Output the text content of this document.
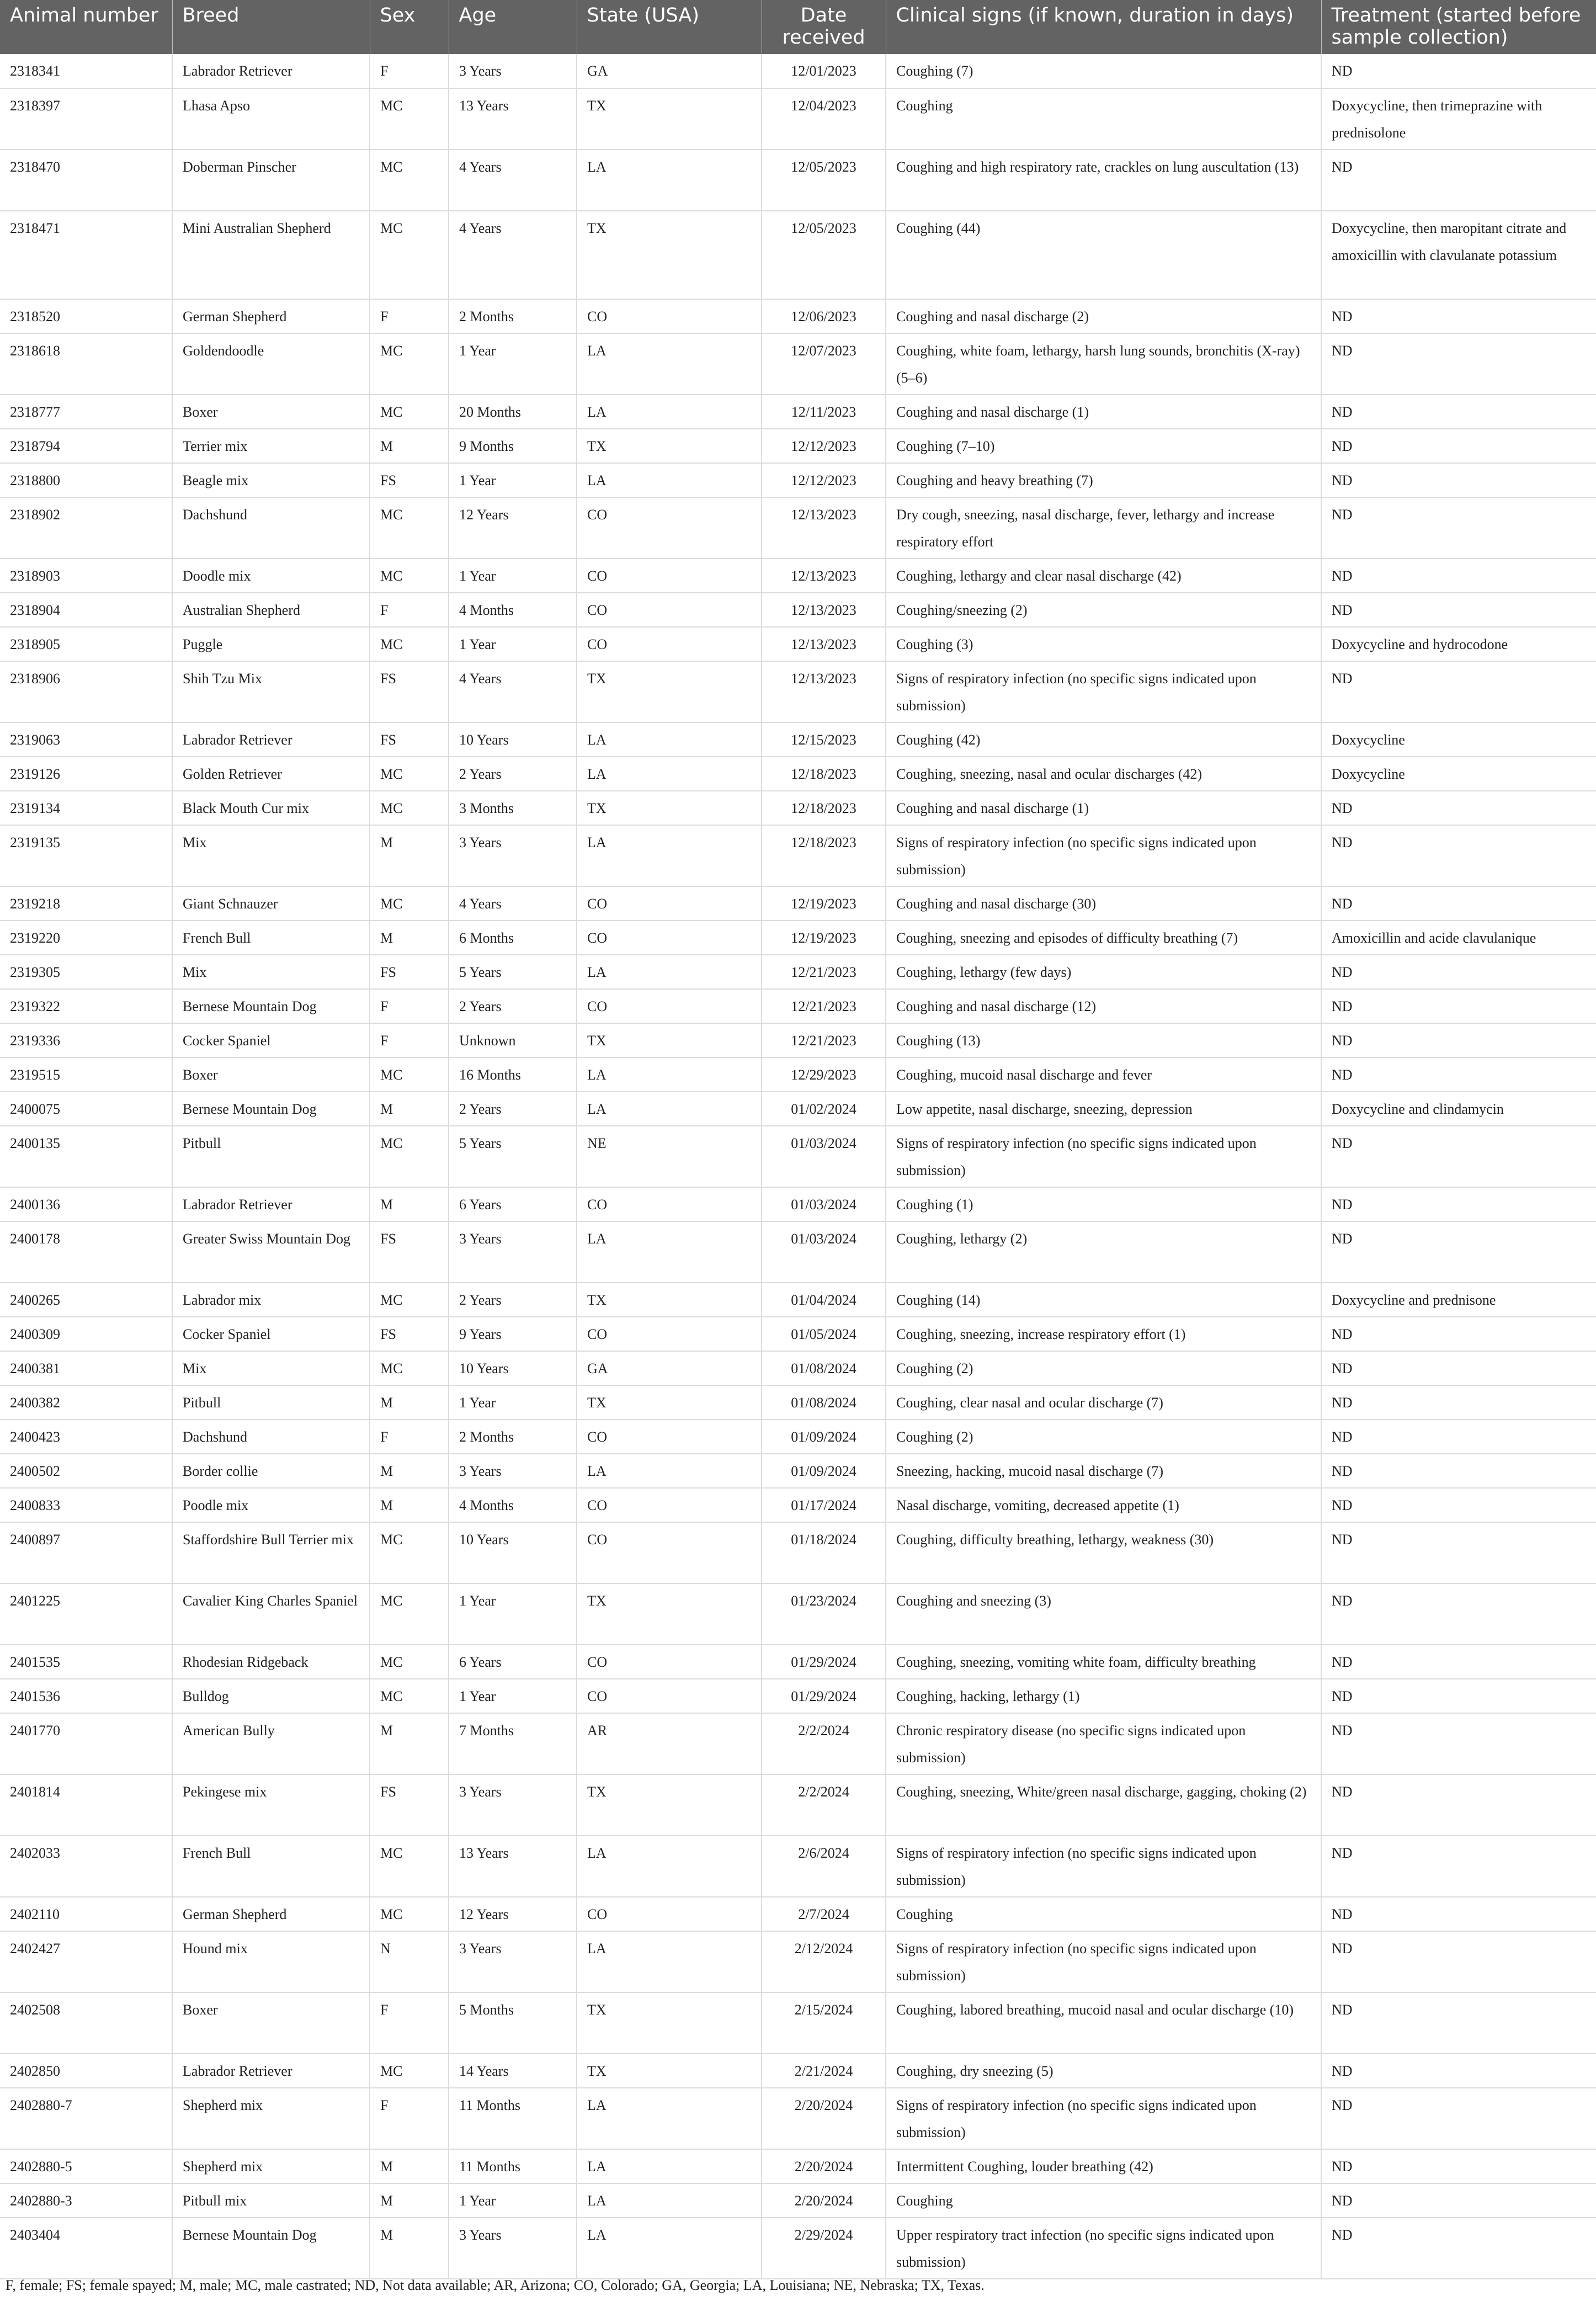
Animal number	Breed	Sex	Age	State (USA)	Date received	Clinical signs (if known, duration in days)	Treatment (started before sample collection)
2318341	Labrador Retriever	F	3 Years	GA	12/01/2023	Coughing (7)	ND
2318397	Lhasa Apso	MC	13 Years	TX	12/04/2023	Coughing	Doxycycline, then trimeprazine with prednisolone
2318470	Doberman Pinscher	MC	4 Years	LA	12/05/2023	Coughing and high respiratory rate, crackles on lung auscultation (13)	ND
2318471	Mini Australian Shepherd	MC	4 Years	TX	12/05/2023	Coughing (44)	Doxycycline, then maropitant citrate and amoxicillin with clavulanate potassium
2318520	German Shepherd	F	2 Months	CO	12/06/2023	Coughing and nasal discharge (2)	ND
2318618	Goldendoodle	MC	1 Year	LA	12/07/2023	Coughing, white foam, lethargy, harsh lung sounds, bronchitis (X-ray) (5–6)	ND
2318777	Boxer	MC	20 Months	LA	12/11/2023	Coughing and nasal discharge (1)	ND
2318794	Terrier mix	M	9 Months	TX	12/12/2023	Coughing (7–10)	ND
2318800	Beagle mix	FS	1 Year	LA	12/12/2023	Coughing and heavy breathing (7)	ND
2318902	Dachshund	MC	12 Years	CO	12/13/2023	Dry cough, sneezing, nasal discharge, fever, lethargy and increase respiratory effort	ND
2318903	Doodle mix	MC	1 Year	CO	12/13/2023	Coughing, lethargy and clear nasal discharge (42)	ND
2318904	Australian Shepherd	F	4 Months	CO	12/13/2023	Coughing/sneezing (2)	ND
2318905	Puggle	MC	1 Year	CO	12/13/2023	Coughing (3)	Doxycycline and hydrocodone
2318906	Shih Tzu Mix	FS	4 Years	TX	12/13/2023	Signs of respiratory infection (no specific signs indicated upon submission)	ND
2319063	Labrador Retriever	FS	10 Years	LA	12/15/2023	Coughing (42)	Doxycycline
2319126	Golden Retriever	MC	2 Years	LA	12/18/2023	Coughing, sneezing, nasal and ocular discharges (42)	Doxycycline
2319134	Black Mouth Cur mix	MC	3 Months	TX	12/18/2023	Coughing and nasal discharge (1)	ND
2319135	Mix	M	3 Years	LA	12/18/2023	Signs of respiratory infection (no specific signs indicated upon submission)	ND
2319218	Giant Schnauzer	MC	4 Years	CO	12/19/2023	Coughing and nasal discharge (30)	ND
2319220	French Bull	M	6 Months	CO	12/19/2023	Coughing, sneezing and episodes of difficulty breathing (7)	Amoxicillin and acide clavulanique
2319305	Mix	FS	5 Years	LA	12/21/2023	Coughing, lethargy (few days)	ND
2319322	Bernese Mountain Dog	F	2 Years	CO	12/21/2023	Coughing and nasal discharge (12)	ND
2319336	Cocker Spaniel	F	Unknown	TX	12/21/2023	Coughing (13)	ND
2319515	Boxer	MC	16 Months	LA	12/29/2023	Coughing, mucoid nasal discharge and fever	ND
2400075	Bernese Mountain Dog	M	2 Years	LA	01/02/2024	Low appetite, nasal discharge, sneezing, depression	Doxycycline and clindamycin
2400135	Pitbull	MC	5 Years	NE	01/03/2024	Signs of respiratory infection (no specific signs indicated upon submission)	ND
2400136	Labrador Retriever	M	6 Years	CO	01/03/2024	Coughing (1)	ND
2400178	Greater Swiss Mountain Dog	FS	3 Years	LA	01/03/2024	Coughing, lethargy (2)	ND
2400265	Labrador mix	MC	2 Years	TX	01/04/2024	Coughing (14)	Doxycycline and prednisone
2400309	Cocker Spaniel	FS	9 Years	CO	01/05/2024	Coughing, sneezing, increase respiratory effort (1)	ND
2400381	Mix	MC	10 Years	GA	01/08/2024	Coughing (2)	ND
2400382	Pitbull	M	1 Year	TX	01/08/2024	Coughing, clear nasal and ocular discharge (7)	ND
2400423	Dachshund	F	2 Months	CO	01/09/2024	Coughing (2)	ND
2400502	Border collie	M	3 Years	LA	01/09/2024	Sneezing, hacking, mucoid nasal discharge (7)	ND
2400833	Poodle mix	M	4 Months	CO	01/17/2024	Nasal discharge, vomiting, decreased appetite (1)	ND
2400897	Staffordshire Bull Terrier mix	MC	10 Years	CO	01/18/2024	Coughing, difficulty breathing, lethargy, weakness (30)	ND
2401225	Cavalier King Charles Spaniel	MC	1 Year	TX	01/23/2024	Coughing and sneezing (3)	ND
2401535	Rhodesian Ridgeback	MC	6 Years	CO	01/29/2024	Coughing, sneezing, vomiting white foam, difficulty breathing	ND
2401536	Bulldog	MC	1 Year	CO	01/29/2024	Coughing, hacking, lethargy (1)	ND
2401770	American Bully	M	7 Months	AR	2/2/2024	Chronic respiratory disease (no specific signs indicated upon submission)	ND
2401814	Pekingese mix	FS	3 Years	TX	2/2/2024	Coughing, sneezing, White/green nasal discharge, gagging, choking (2)	ND
2402033	French Bull	MC	13 Years	LA	2/6/2024	Signs of respiratory infection (no specific signs indicated upon submission)	ND
2402110	German Shepherd	MC	12 Years	CO	2/7/2024	Coughing	ND
2402427	Hound mix	N	3 Years	LA	2/12/2024	Signs of respiratory infection (no specific signs indicated upon submission)	ND
2402508	Boxer	F	5 Months	TX	2/15/2024	Coughing, labored breathing, mucoid nasal and ocular discharge (10)	ND
2402850	Labrador Retriever	MC	14 Years	TX	2/21/2024	Coughing, dry sneezing (5)	ND
2402880-7	Shepherd mix	F	11 Months	LA	2/20/2024	Signs of respiratory infection (no specific signs indicated upon submission)	ND
2402880-5	Shepherd mix	M	11 Months	LA	2/20/2024	Intermittent Coughing, louder breathing (42)	ND
2402880-3	Pitbull mix	M	1 Year	LA	2/20/2024	Coughing	ND
2403404	Bernese Mountain Dog	M	3 Years	LA	2/29/2024	Upper respiratory tract infection (no specific signs indicated upon submission)	ND
F, female; FS; female spayed; M, male; MC, male castrated; ND, Not data available; AR, Arizona; CO, Colorado; GA, Georgia; LA, Louisiana; NE, Nebraska; TX, Texas.
